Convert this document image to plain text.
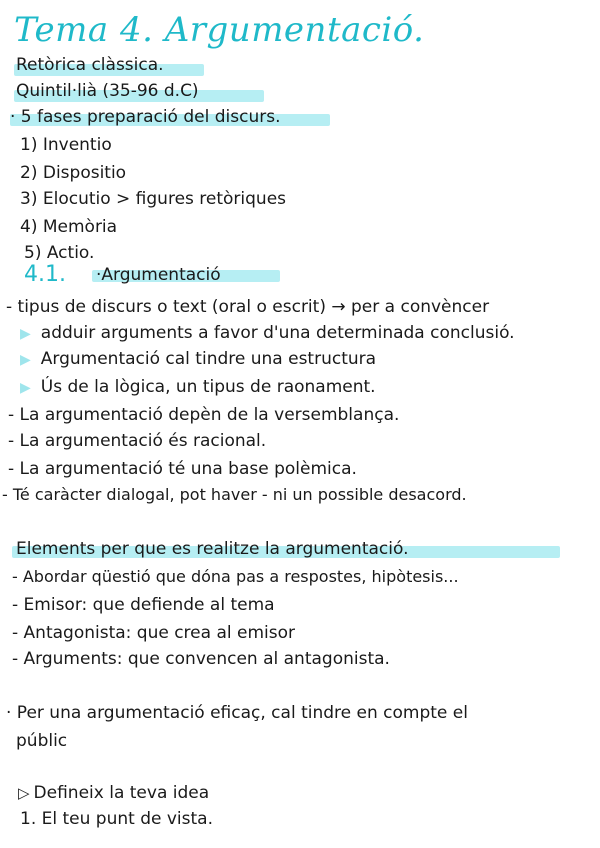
Tema 4. Argumentació.
Retòrica clàssica.
Quintil·lià (35-96 d.C)
· 5 fases preparació del discurs.
1) Inventio
2) Dispositio
3) Elocutio > figures retòriques
4) Memòria
5) Actio.
4.1. ·Argumentació
- tipus de discurs o text (oral o escrit) → per a convèncer
▶ adduir arguments a favor d'una determinada conclusió.
▶ Argumentació cal tindre una estructura
▶ Ús de la lògica, un tipus de raonament.
- La argumentació depèn de la versemblança.
- La argumentació és racional.
- La argumentació té una base polèmica.
- Té caràcter dialogal, pot haver - ni un possible desacord.
Elements per que es realitze la argumentació.
- Abordar qüestió que dóna pas a respostes, hipòtesis...
- Emisor: que defiende al tema
- Antagonista: que crea al emisor
- Arguments: que convencen al antagonista.
· Per una argumentació eficaç, cal tindre en compte el
públic
▷ Defineix la teva idea
1. El teu punt de vista.
